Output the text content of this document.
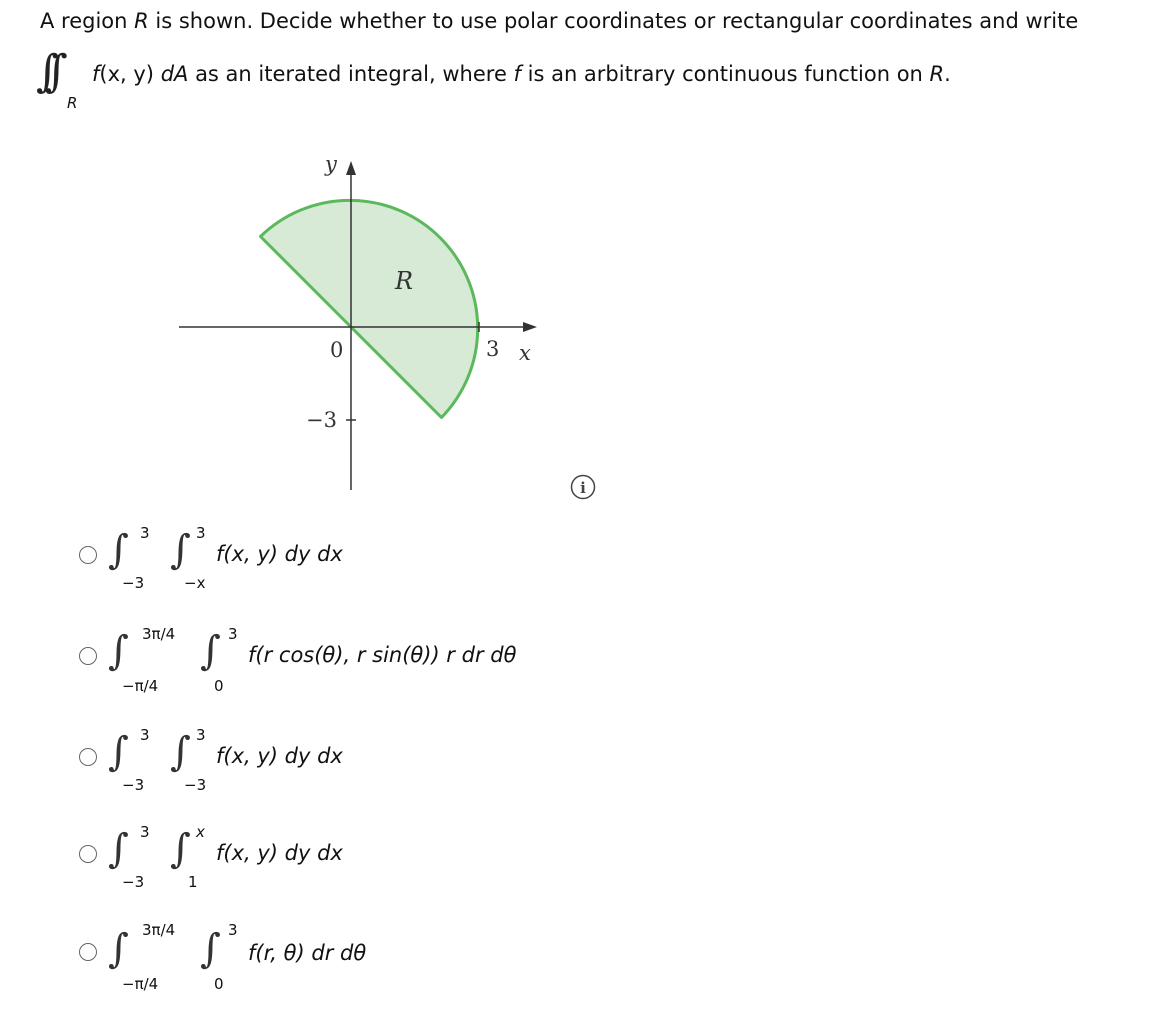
A region R is shown. Decide whether to use polar coordinates or rectangular coordinates and write
∫∫
R
f(x, y) dA as an iterated integral, where f is an arbitrary continuous function on R.
y
R
0	3 x
−3
i
∫ 3
−3
∫ 3
−x
f(x, y) dy dx
∫ 3π/4
−π/4
∫ 3
0
f(r cos(θ), r sin(θ)) r dr dθ
∫ 3
−3
∫ 3
−3
f(x, y) dy dx
∫ 3
−3
∫ x
1
f(x, y) dy dx
∫ 3π/4
−π/4
∫ 3
0
f(r, θ) dr dθ
